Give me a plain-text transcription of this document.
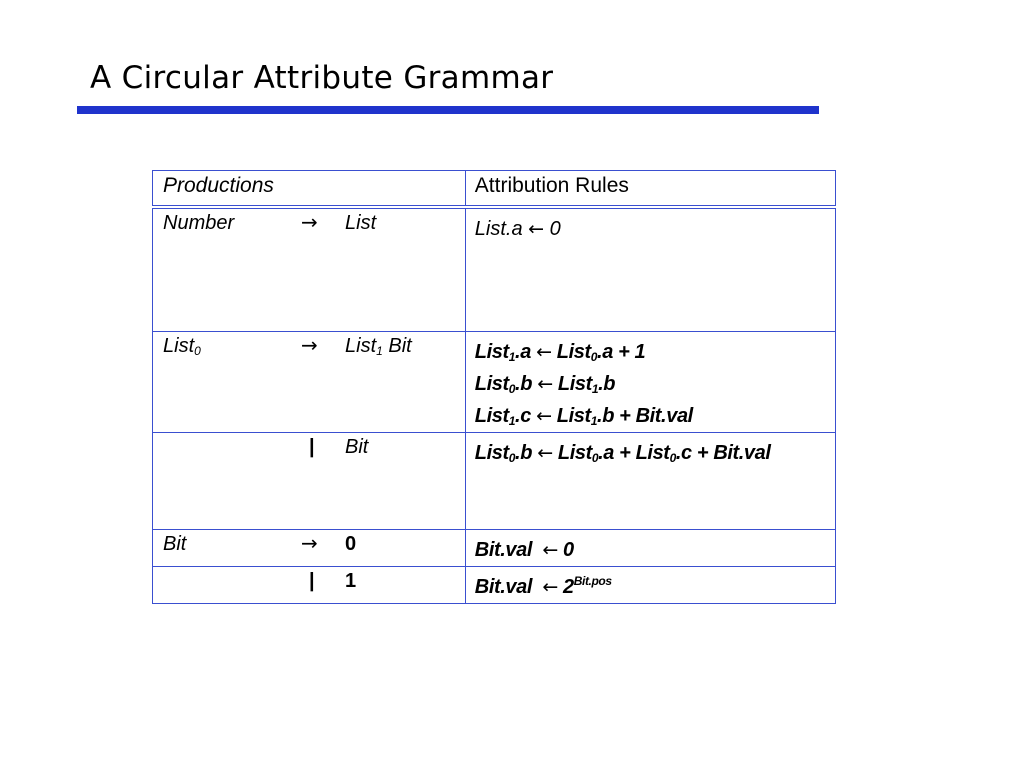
A Circular Attribute Grammar
Productions	Attribution Rules

Number → List	List.a ← 0

List$_0$ → List$_1$ Bit	List$_1$.a ← List$_0$.a + 1
List$_0$.b ← List$_1$.b
List$_1$.c ← List$_1$.b + Bit.val

| Bit	List$_0$.b ← List$_0$.a + List$_0$.c + Bit.val

Bit → 0	Bit.val  ← 0

| 1	Bit.val  ← $2^{Bit.pos}$
